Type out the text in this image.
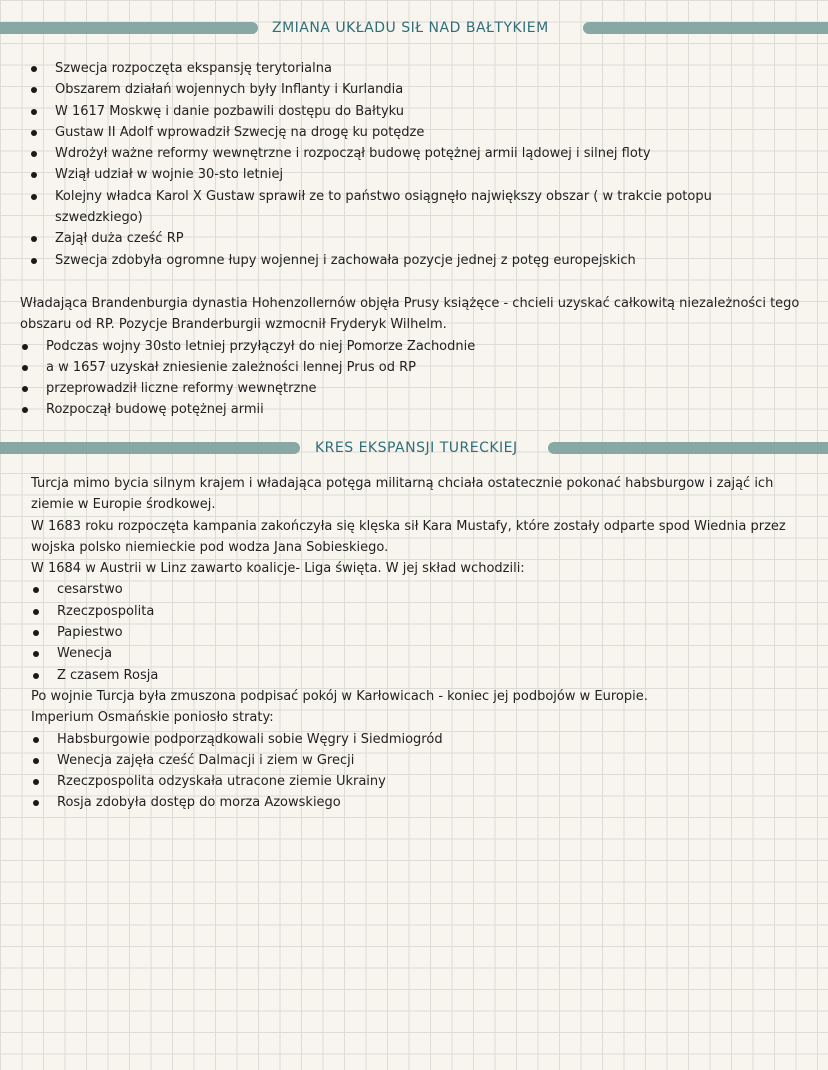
ZMIANA UKŁADU SIŁ NAD BAŁTYKIEM
Szwecja rozpoczęta ekspansję terytorialna
Obszarem działań wojennych były Inflanty i Kurlandia
W 1617 Moskwę i danie pozbawili dostępu do Bałtyku
Gustaw II Adolf wprowadził Szwecję na drogę ku potędze
Wdrożył ważne reformy wewnętrzne i rozpoczął budowę potężnej armii lądowej i silnej floty
Wziął udział w wojnie 30-sto letniej
Kolejny władca Karol X Gustaw sprawił ze to państwo osiągnęło największy obszar ( w trakcie potopu szwedzkiego)
Zajął duża cześć RP
Szwecja zdobyła ogromne łupy wojennej i zachowała pozycje jednej z potęg europejskich

Władająca Brandenburgia dynastia Hohenzollernów objęła Prusy książęce - chcieli uzyskać całkowitą niezależności tego obszaru od RP. Pozycje Branderburgii wzmocnił Fryderyk Wilhelm.

Podczas wojny 30sto letniej przyłączył do niej Pomorze Zachodnie
a w 1657 uzyskał zniesienie zależności lennej Prus od RP
przeprowadził liczne reformy wewnętrzne
Rozpoczął budowę potężnej armii
KRES EKSPANSJI TURECKIEJ

Turcja mimo bycia silnym krajem i władająca potęga militarną chciała ostatecznie pokonać habsburgow i zająć ich ziemie w Europie środkowej.

W 1683 roku rozpoczęta kampania zakończyła się klęska sił Kara Mustafy, które zostały odparte spod Wiednia przez wojska polsko niemieckie pod wodza Jana Sobieskiego.

W 1684 w Austrii w Linz zawarto koalicje- Liga święta. W jej skład wchodzili:

cesarstwo
Rzeczpospolita
Papiestwo
Wenecja
Z czasem Rosja

Po wojnie Turcja była zmuszona podpisać pokój w Karłowicach - koniec jej podbojów w Europie.

Imperium Osmańskie poniosło straty:

Habsburgowie podporządkowali sobie Węgry i Siedmiogród
Wenecja zajęła cześć Dalmacji i ziem w Grecji
Rzeczpospolita odzyskała utracone ziemie Ukrainy
Rosja zdobyła dostęp do morza Azowskiego
